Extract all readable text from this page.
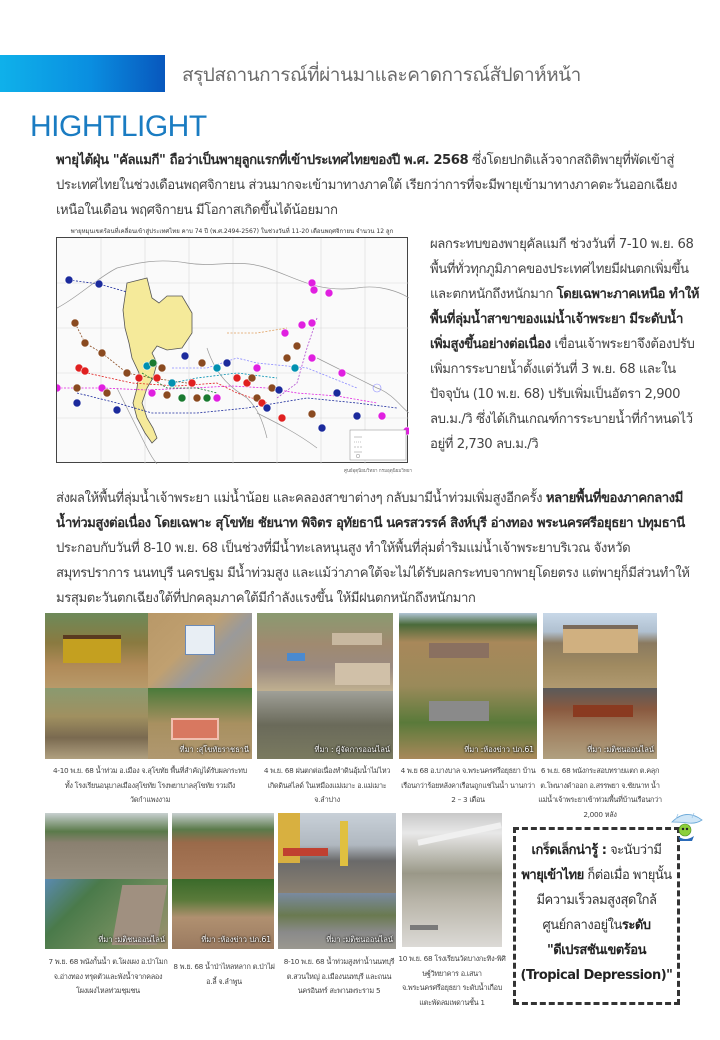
สรุปสถานการณ์ที่ผ่านมาและคาดการณ์สัปดาห์หน้า
HIGHTLIGHT

พายุไต้ฝุ่น "คัลแมกี" ถือว่าเป็นพายุลูกแรกที่เข้าประเทศไทยของปี พ.ศ. 2568 ซึ่งโดยปกติแล้วจากสถิติพายุที่พัดเข้าสู่ประเทศไทยในช่วงเดือนพฤศจิกายน ส่วนมากจะเข้ามาทางภาคใต้ เรียกว่าการที่จะมีพายุเข้ามาทางภาคตะวันออกเฉียงเหนือในเดือน พฤศจิกายน มีโอกาสเกิดขึ้นได้น้อยมาก

พายุหมุนเขตร้อนที่เคลื่อนเข้าสู่ประเทศไทย คาบ 74 ปี (พ.ศ.2494-2567) ในช่วงวันที่ 11-20 เดือนพฤศจิกายน จำนวน 12 ลูก
ศูนย์อุตุนิยมวิทยา กรมอุตุนิยมวิทยา

ผลกระทบของพายุคัลแมกี ช่วงวันที่ 7-10 พ.ย. 68 พื้นที่ทั่วทุกภูมิภาคของประเทศไทยมีฝนตกเพิ่มขึ้น และตกหนักถึงหนักมาก โดยเฉพาะภาคเหนือ ทำให้พื้นที่ลุ่มน้ำสาขาของแม่น้ำเจ้าพระยา มีระดับน้ำเพิ่มสูงขึ้นอย่างต่อเนื่อง เขื่อนเจ้าพระยาจึงต้องปรับเพิ่มการระบายน้ำตั้งแต่วันที่ 3 พ.ย. 68 และในปัจจุบัน (10 พ.ย. 68) ปรับเพิ่มเป็นอัตรา 2,900 ลบ.ม./วิ ซึ่งได้เกินเกณฑ์การระบายน้ำที่กำหนดไว้อยู่ที่ 2,730 ลบ.ม./วิ

ส่งผลให้พื้นที่ลุ่มน้ำเจ้าพระยา แม่น้ำน้อย และคลองสาขาต่างๆ กลับมามีน้ำท่วมเพิ่มสูงอีกครั้ง หลายพื้นที่ของภาคกลางมีน้ำท่วมสูงต่อเนื่อง โดยเฉพาะ สุโขทัย ชัยนาท พิจิตร อุทัยธานี นครสวรรค์ สิงห์บุรี อ่างทอง พระนครศรีอยุธยา ปทุมธานี ประกอบกับวันที่ 8-10 พ.ย. 68 เป็นช่วงที่มีน้ำทะเลหนุนสูง ทำให้พื้นที่ลุ่มต่ำริมแม่น้ำเจ้าพระยาบริเวณ จังหวัดสมุทรปราการ นนทบุรี นครปฐม มีน้ำท่วมสูง และแม้ว่าภาคใต้จะไม่ได้รับผลกระทบจากพายุโดยตรง แต่พายุก็มีส่วนทำให้มรสุมตะวันตกเฉียงใต้ที่ปกคลุมภาคใต้มีกำลังแรงขึ้น ให้มีฝนตกหนักถึงหนักมาก

ที่มา :สุโขทัยราชธานี
4-10 พ.ย. 68 น้ำท่วม อ.เมือง จ.สุโขทัย พื้นที่สำคัญได้รับผลกระทบทั้ง โรงเรียนอนุบาลเมืองสุโขทัย โรงพยาบาลสุโขทัย รวมถึงวัดกำแพงงาม
ที่มา : ผู้จัดการออนไลน์
4 พ.ย. 68 ฝนตกต่อเนื่องทำดินอุ้มน้ำไม่ไหว เกิดดินสไลด์ ในเหมืองแม่เมาะ อ.แม่เมาะ จ.ลำปาง
ที่มา :ห้องข่าว ปภ.61
4 พ.ย 68 อ.บางบาล จ.พระนครศรีอยุธยา บ้านเรือนกว่าร้อยหลังคาเรือนถูกแช่ในน้ำ นานกว่า 2 – 3 เดือน
ที่มา :มติชนออนไลน์
6 พ.ย. 68 พนังกระสอบทรายแตก ต.คลุก ต.โพนางดำออก อ.สรรพยา จ.ชัยนาท น้ำแม่น้ำเจ้าพระยาเข้าท่วมพื้นที่บ้านเรือนกว่า 2,000 หลัง
ที่มา :มติชนออนไลน์
7 พ.ย. 68 พนังกั้นน้ำ ต.โผงเผง อ.ป่าโมก จ.อ่างทอง ทรุดตัวและพังน้ำจากคลองโผงเผงไหลท่วมชุมชน
ที่มา :ห้องข่าว ปภ.61
8 พ.ย. 68 น้ำป่าไหลหลาก ต.ป่าไผ่ อ.ลี้ จ.ลำพูน
ที่มา :มติชนออนไลน์
8-10 พ.ย. 68 น้ำท่วมสูงท่าน้ำนนทบุรี ต.สวนใหญ่ อ.เมืองนนทบุรี และถนนนครอินทร์ สะพานพระราม 5
10 พ.ย. 68 โรงเรียนวัดบางกะทิง-พิศิษฐ์วิทยาคาร อ.เสนา จ.พระนครศรีอยุธยา ระดับน้ำเกือบแตะพัดลมเพดานชั้น 1
เกร็ดเล็กน่ารู้ : จะนับว่ามี พายุเข้าไทย ก็ต่อเมื่อ พายุนั้นมีความเร็วลมสูงสุดใกล้ศูนย์กลางอยู่ในระดับ
"ดีเปรสชันเขตร้อน (Tropical Depression)"
